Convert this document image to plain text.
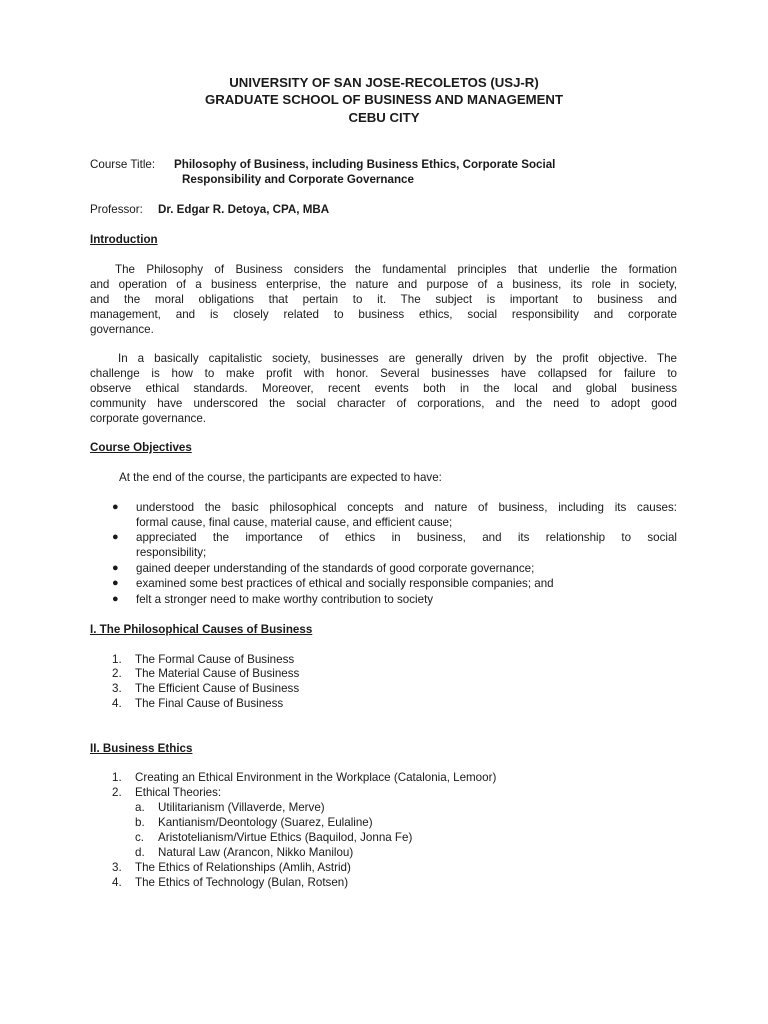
UNIVERSITY OF SAN JOSE-RECOLETOS (USJ-R)
GRADUATE SCHOOL OF BUSINESS AND MANAGEMENT
CEBU CITY
Course Title: Philosophy of Business, including Business Ethics, Corporate Social
Responsibility and Corporate Governance
Professor: Dr. Edgar R. Detoya, CPA, MBA
Introduction
The Philosophy of Business considers the fundamental principles that underlie the formation
and operation of a business enterprise, the nature and purpose of a business, its role in society,
and the moral obligations that pertain to it. The subject is important to business and
management, and is closely related to business ethics, social responsibility and corporate
governance.
In a basically capitalistic society, businesses are generally driven by the profit objective. The
challenge is how to make profit with honor. Several businesses have collapsed for failure to
observe ethical standards. Moreover, recent events both in the local and global business
community have underscored the social character of corporations, and the need to adopt good
corporate governance.
Course Objectives
At the end of the course, the participants are expected to have:
● understood the basic philosophical concepts and nature of business, including its causes:
formal cause, final cause, material cause, and efficient cause;
● appreciated the importance of ethics in business, and its relationship to social
responsibility;
● gained deeper understanding of the standards of good corporate governance;
● examined some best practices of ethical and socially responsible companies; and
● felt a stronger need to make worthy contribution to society
I. The Philosophical Causes of Business
1.	The Formal Cause of Business
2.	The Material Cause of Business
3.	The Efficient Cause of Business
4.	The Final Cause of Business
II. Business Ethics
1.	Creating an Ethical Environment in the Workplace (Catalonia, Lemoor)
2.	Ethical Theories:
a. Utilitarianism (Villaverde, Merve)
b. Kantianism/Deontology (Suarez, Eulaline)
c. Aristotelianism/Virtue Ethics (Baquilod, Jonna Fe)
d. Natural Law (Arancon, Nikko Manilou)
3.	The Ethics of Relationships (Amlih, Astrid)
4.	The Ethics of Technology (Bulan, Rotsen)
